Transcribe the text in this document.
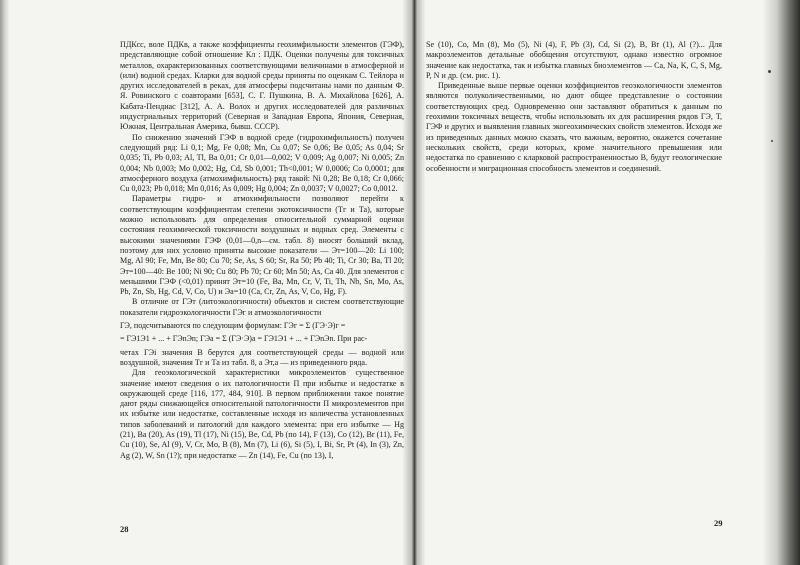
ПДКсс, воле ПДКв, а также коэффициенты геохимфильности элементов (ГЭФ), представляющие собой отношение Кл : ПДК. Оценки получены для токсичных металлов, охарактеризованных соответствующими величинами в атмосферной и (или) водной средах. Кларки для водной среды приняты по оценкам С. Тейлора и других исследователей в реках, для атмосферы подсчитаны нами по данным Ф. Я. Ровинского с соавторами [653], С. Г. Пушкина, В. А. Михайлова [626], А. Кабата-Пендиас [312], А. А. Волох и других исследователей для различных индустриальных территорий (Северная и Западная Европа, Япония, Северная, Южная, Центральная Америка, бывш. СССР).

По снижению значений ГЭФ в водной среде (гидрохимфильность) получен следующий ряд: Li 0,1; Mg, Fe 0,08; Mn, Cu 0,07; Se 0,06; Be 0,05; As 0,04; Sr 0,035; Ti, Pb 0,03; Al, Tl, Ba 0,01; Cr 0,01—0,002; V 0,009; Ag 0,007; Ni 0,005; Zn 0,004; Nb 0,003; Mo 0,002; Hg, Cd, Sb 0,001; Th<0,001; W 0,0006; Co 0,0001; для атмосферного воздуха (атмохимфильность) ряд такой: Ni 0,28; Be 0,18; Cr 0,066; Cu 0,023; Pb 0,018; Mn 0,016; As 0,009; Hg 0,004; Zn 0,0037; V 0,0027; Co 0,0012.

Параметры гидро- и атмохимфильности позволяют перейти к соответствующим коэффициентам степени экотоксичности (Тг и Та), которые можно использовать для определения относительной суммарной оценки состояния геохимической токсичности воздушных и водных сред. Элементы с высокими значениями ГЭФ (0,01—0,n—см. табл. 8) вносят больший вклад, поэтому для них условно приняты высокие показатели — Эт=100—20: Li 100; Mg, Al 90; Fe, Mn, Be 80; Cu 70; Se, As, S 60; Sr, Ra 50; Pb 40; Ti, Cr 30; Ba, Tl 20; Эт=100—40: Be 100; Ni 90; Cu 80; Pb 70; Cr 60; Mn 50; As, Ca 40. Для элементов с меньшими ГЭФ (<0,01) принят Эт=10 (Fe, Ba, Mn, Cr, V, Ti, Th, Nb, Sn, Mo, As, Pb, Zn, Sb, Hg, Cd, V, Co, U) и Эа=10 (Ca, Cr, Zn, As, V, Co, Hg, F).

В отличие от ГЭт (литоэкологичности) объектов и систем соответствующие показатели гидроэкологичности ГЭг и атмоэкологичности

ГЭ, подсчитываются по следующим формулам: ГЭг = Σ (ГЭ·Э)г =
= ГЭ1Э1 + ... + ГЭnЭn; ГЭа = Σ (ГЭ·Э)а = ГЭ1Э1 + ... + ГЭnЭn. При рас-

четах ГЭі значения В берутся для соответствующей среды — водной или воздушной, значения Тг и Та из табл. 8, а Эт,а — из приведенного ряда.

Для геоэкологической характеристики микроэлементов существенное значение имеют сведения о их патологичности П при избытке и недостатке в окружающей среде [116, 177, 484, 910]. В первом приближении такое понятие дают ряды снижающейся относительной патологичности П микроэлементов при их избытке или недостатке, составленные исходя из количества установленных типов заболеваний и патологий для каждого элемента: при его избытке — Hg (21), Ba (20), As (19), Tl (17), Ni (15), Be, Cd, Pb (по 14), F (13), Co (12), Br (11), Fe, Cu (10), Se, Al (9), V, Cr, Mo, B (8), Mn (7), Li (6), Si (5), I, Bi, Sr, Pt (4), In (3), Zn, Ag (2), W, Sn (1?); при недостатке — Zn (14), Fe, Cu (по 13), I,

28

Se (10), Co, Mn (8), Mo (5), Ni (4), F, Pb (3), Cd, Si (2), B, Br (1), Al (?)... Для макроэлементов детальные обобщения отсутствуют, однако известно огромное значение как недостатка, так и избытка главных биоэлементов — Ca, Na, K, C, S, Mg, P, N и др. (см. рис. 1).

Приведенные выше первые оценки коэффициентов геоэкологичности элементов являются полуколичественными, но дают общее представление о состоянии соответствующих сред. Одновременно они заставляют обратиться к данным по геохимии токсичных веществ, чтобы использовать их для расширения рядов ГЭ, Т, ГЭФ и других и выявления главных экогеохимических свойств элементов. Исходя же из приведенных данных можно сказать, что важным, вероятно, окажется сочетание нескольких свойств, среди которых, кроме значительного превышения или недостатка по сравнению с кларковой распространенностью В, будут геологические особенности и миграционная способность элементов и соединений.

29
